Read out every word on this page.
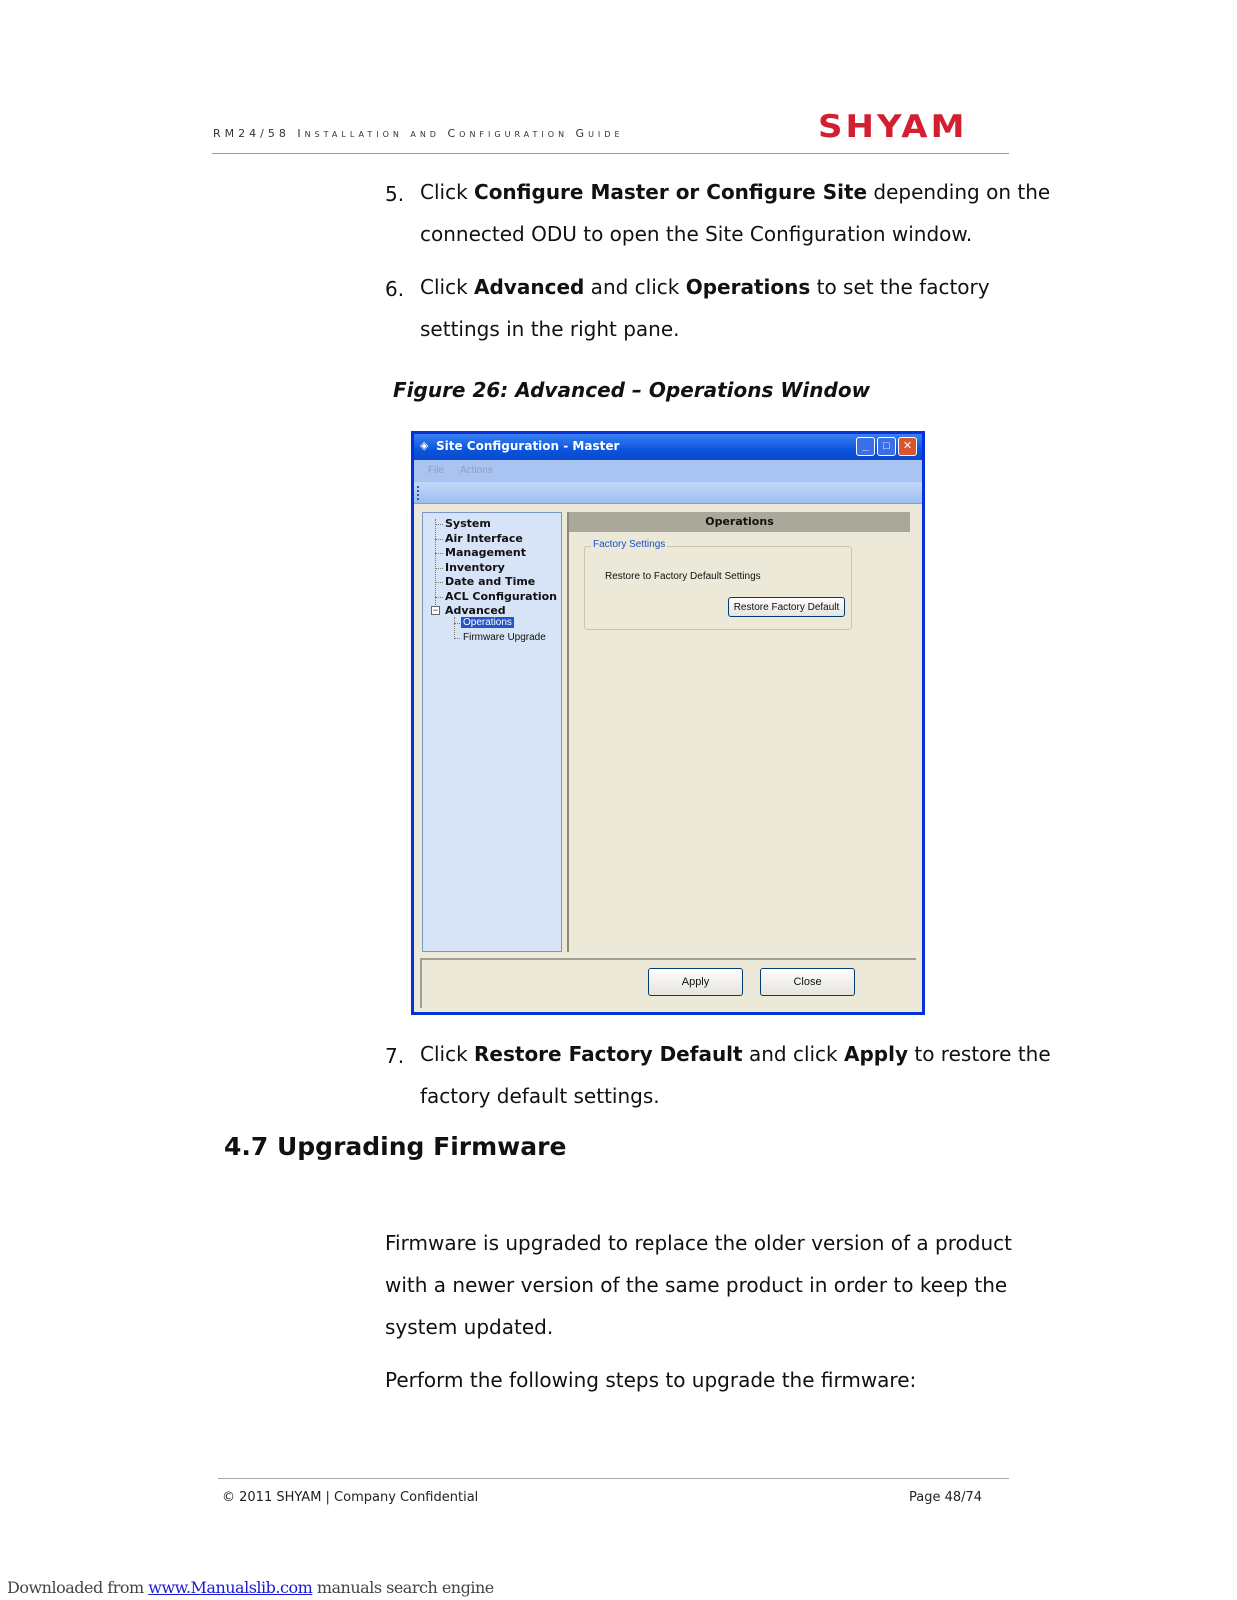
RM24/58 Installation and Configuration Guide	SHYAM
5. Click Configure Master or Configure Site depending on the
connected ODU to open the Site Configuration window.
6. Click Advanced and click Operations to set the factory
settings in the right pane.
Figure 26: Advanced – Operations Window
◈ Site Configuration - Master	_	□	✕
File Actions
System
Air Interface
Management
Inventory
Date and Time
ACL Configuration
− Advanced
Operations
Firmware Upgrade
Operations
Factory Settings
Restore to Factory Default Settings
Restore Factory Default
Apply	Close
7. Click Restore Factory Default and click Apply to restore the
factory default settings.
4.7 Upgrading Firmware
Firmware is upgraded to replace the older version of a product
with a newer version of the same product in order to keep the
system updated.
Perform the following steps to upgrade the firmware:
© 2011 SHYAM | Company Confidential	Page 48/74
Downloaded from www.Manualslib.com manuals search engine
